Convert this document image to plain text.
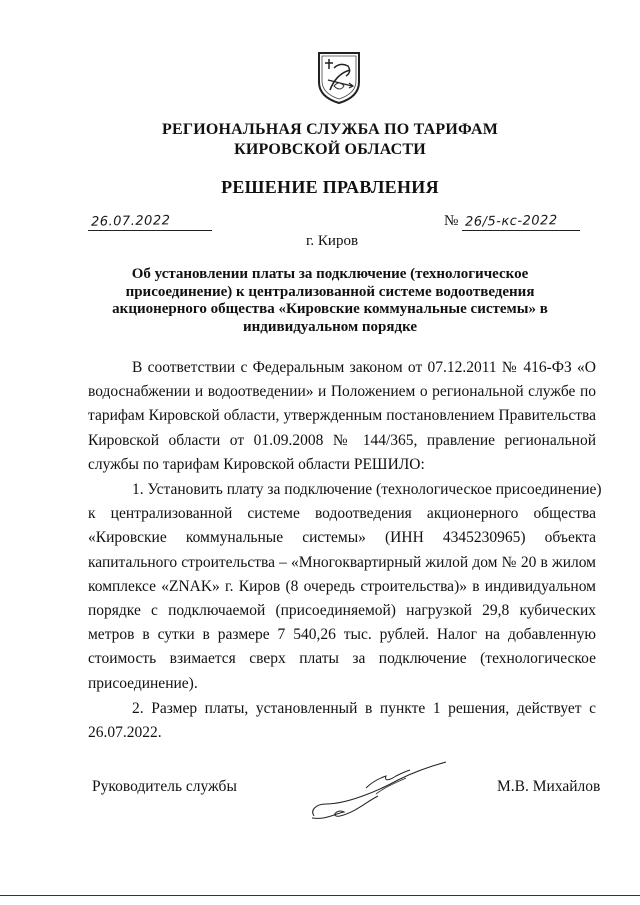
РЕГИОНАЛЬНАЯ СЛУЖБА ПО ТАРИФАМ
КИРОВСКОЙ ОБЛАСТИ
РЕШЕНИЕ ПРАВЛЕНИЯ
26.07.2022	№ 26/5-кс-2022
г. Киров
Об установлении платы за подключение (технологическое
присоединение) к централизованной системе водоотведения
акционерного общества «Кировские коммунальные системы» в
индивидуальном порядке
В соответствии с Федеральным законом от 07.12.2011 № 416-ФЗ «О
водоснабжении и водоотведении» и Положением о региональной службе по
тарифам Кировской области, утвержденным постановлением Правительства
Кировской области от 01.09.2008 № 144/365, правление региональной
службы по тарифам Кировской области РЕШИЛО:
1. Установить плату за подключение (технологическое присоединение)
к централизованной системе водоотведения акционерного общества
«Кировские коммунальные системы» (ИНН 4345230965) объекта
капитального строительства – «Многоквартирный жилой дом № 20 в жилом
комплексе «ZNAK» г. Киров (8 очередь строительства)» в индивидуальном
порядке с подключаемой (присоединяемой) нагрузкой 29,8 кубических
метров в сутки в размере 7 540,26 тыс. рублей. Налог на добавленную
стоимость взимается сверх платы за подключение (технологическое
присоединение).
2. Размер платы, установленный в пункте 1 решения, действует с
26.07.2022.
Руководитель службы	М.В. Михайлов
